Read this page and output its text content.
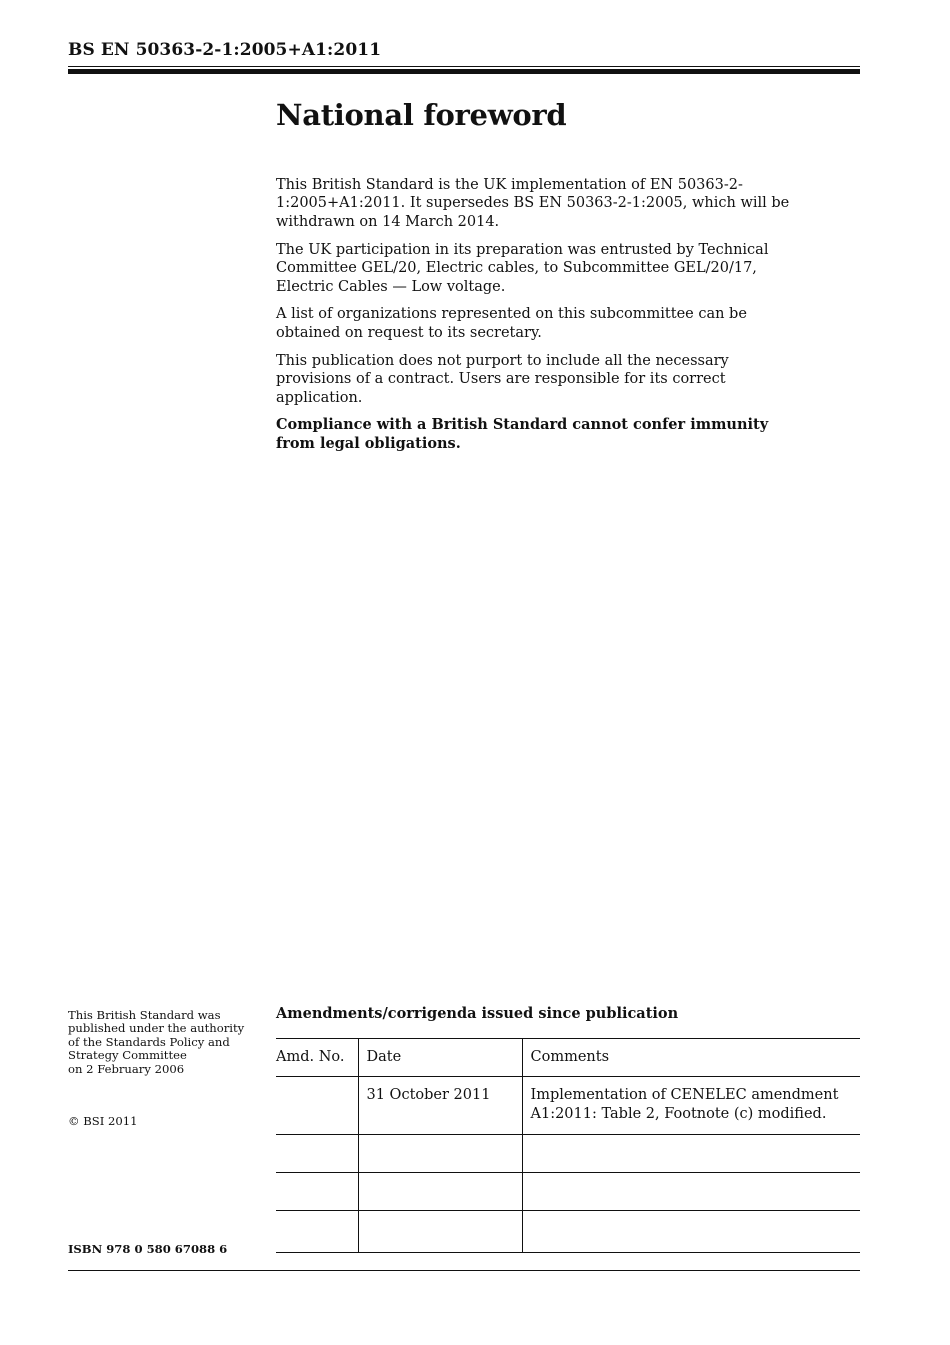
BS EN 50363-2-1:2005+A1:2011
National foreword

This British Standard is the UK implementation of EN 50363-2-1:2005+A1:2011. It supersedes BS EN 50363-2-1:2005, which will be withdrawn on 14 March 2014.

The UK participation in its preparation was entrusted by Technical Committee GEL/20, Electric cables, to Subcommittee GEL/20/17, Electric Cables — Low voltage.

A list of organizations represented on this subcommittee can be obtained on request to its secretary.

This publication does not purport to include all the necessary provisions of a contract. Users are responsible for its correct application.

Compliance with a British Standard cannot confer immunity from legal obligations.

This British Standard was
published under the authority
of the Standards Policy and
Strategy Committee
on 2 February 2006
© BSI 2011
ISBN 978 0 580 67088 6
Amendments/corrigenda issued since publication
Amd. No.	Date	Comments
	31 October 2011	Implementation of CENELEC amendment
A1:2011: Table 2, Footnote (c) modified.
